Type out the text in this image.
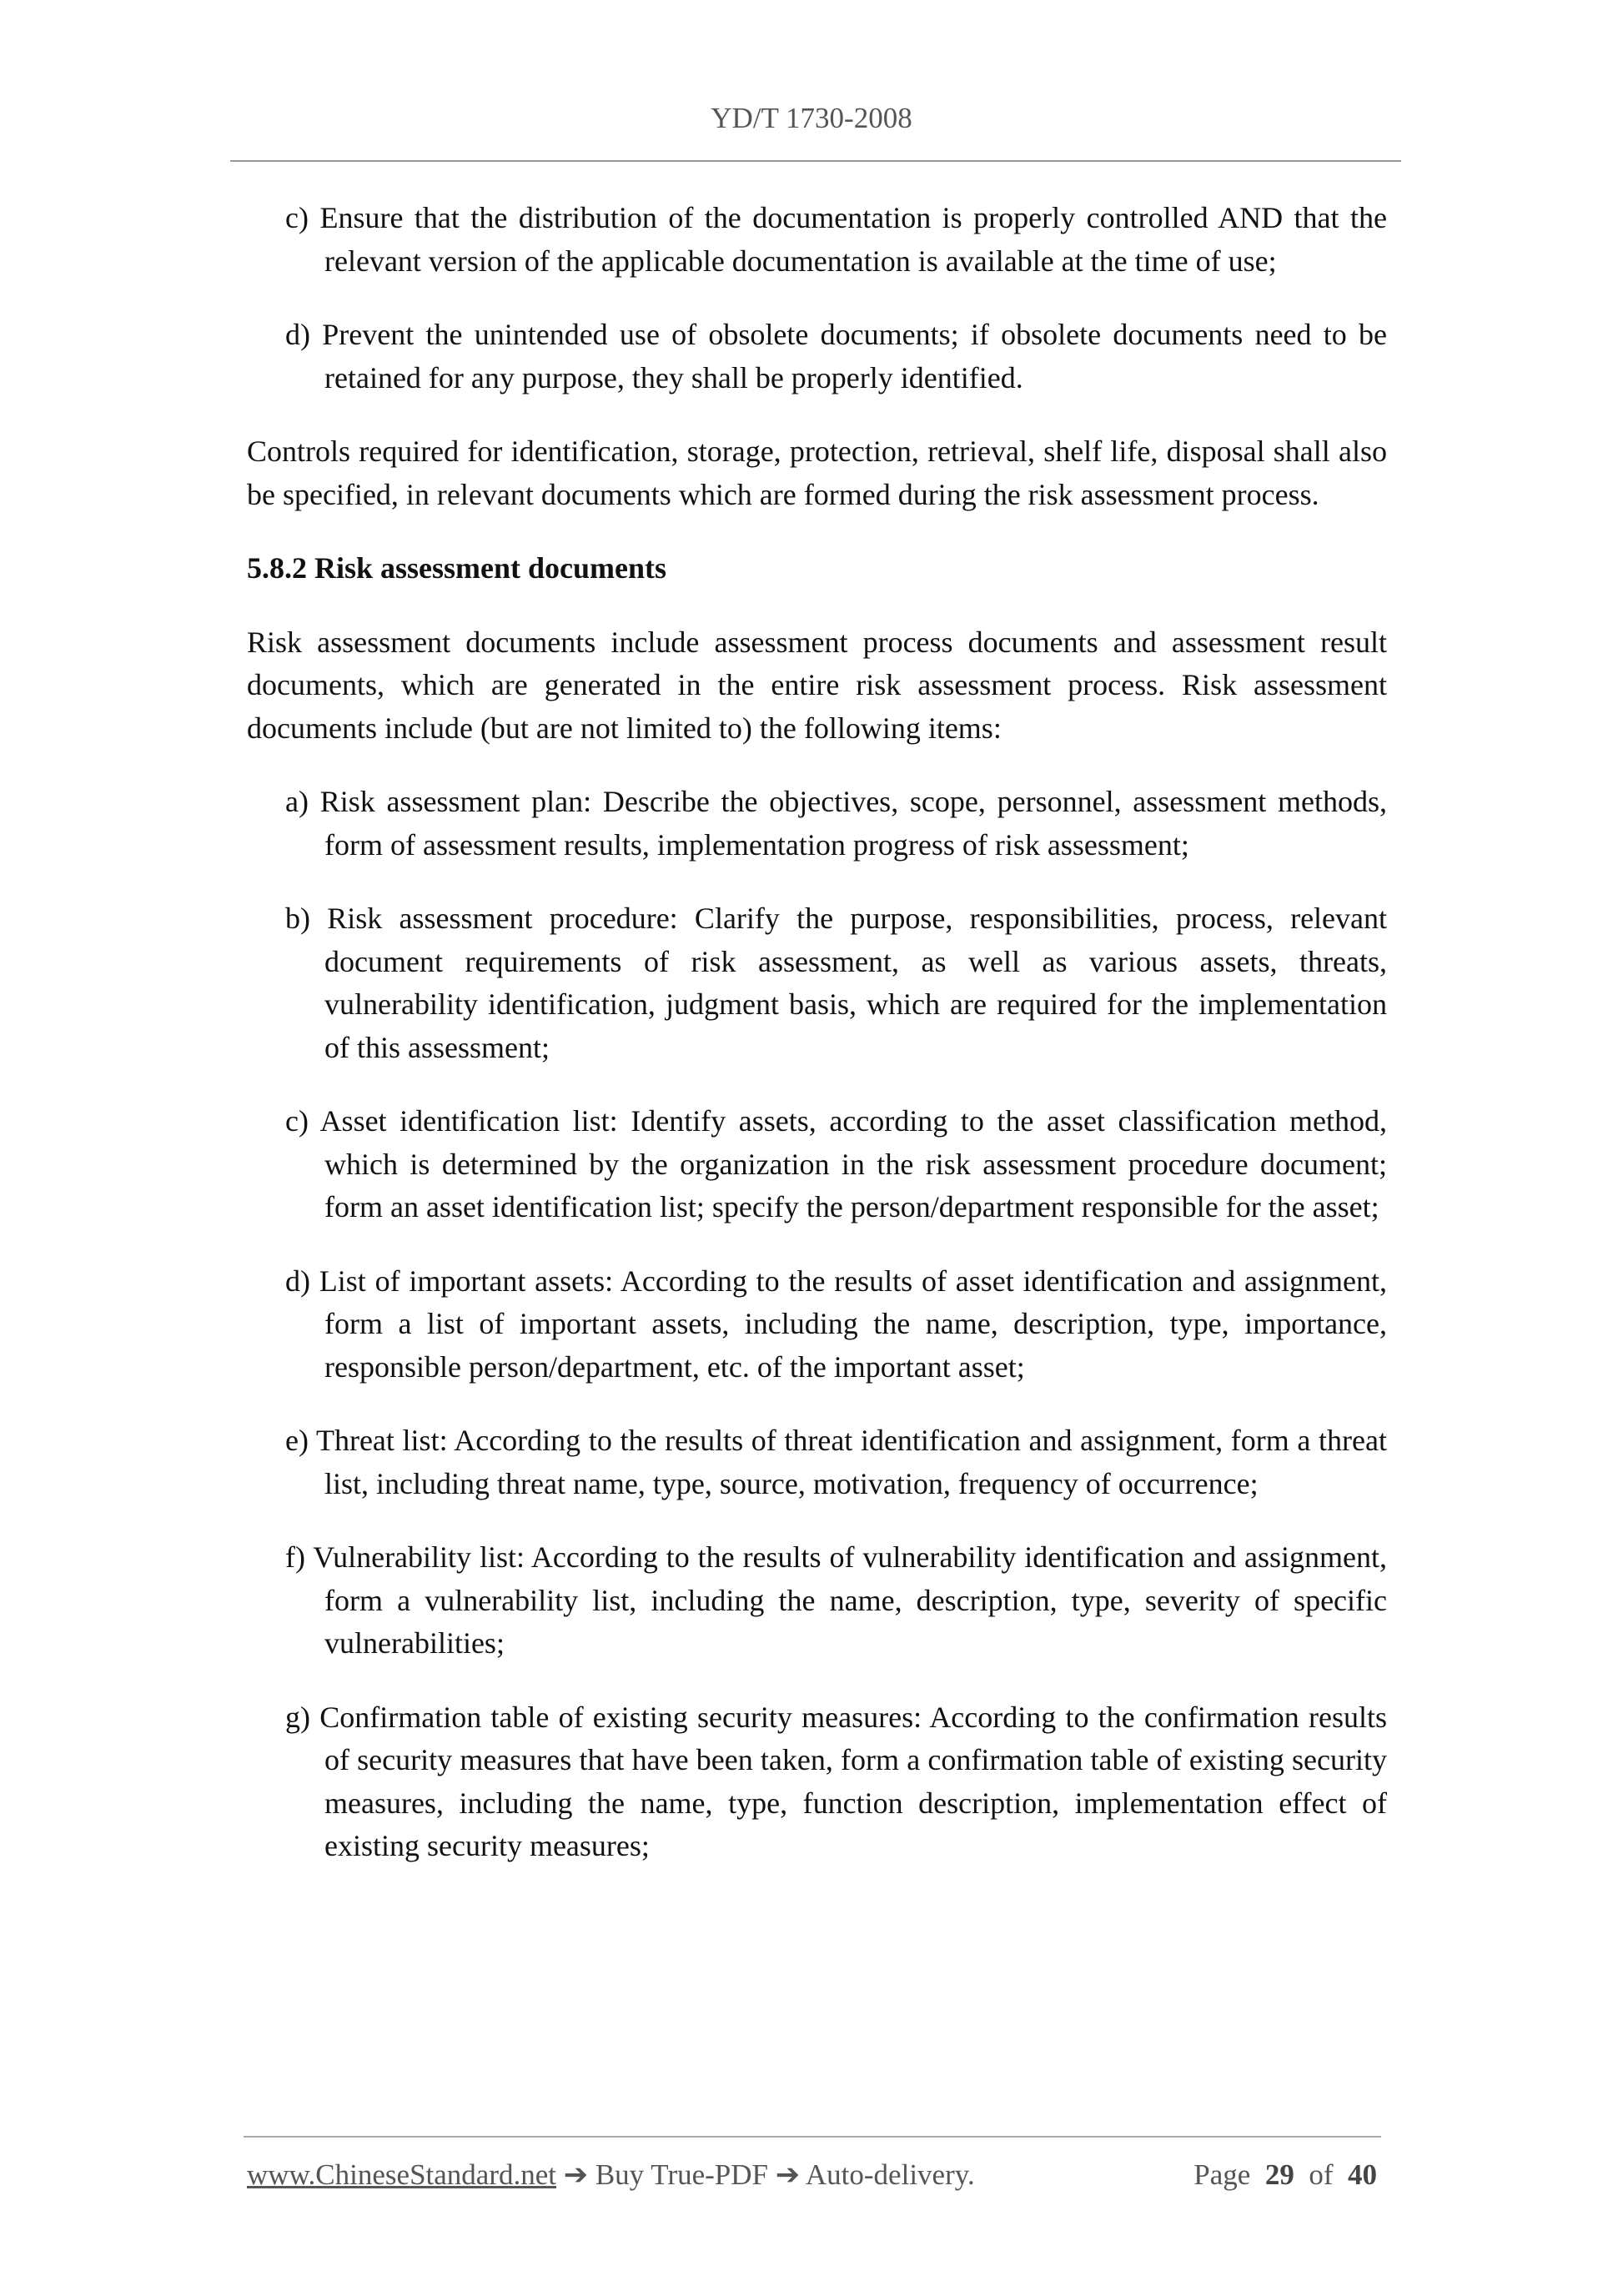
YD/T 1730-2008

c) Ensure that the distribution of the documentation is properly controlled AND that the relevant version of the applicable documentation is available at the time of use;

d) Prevent the unintended use of obsolete documents; if obsolete documents need to be retained for any purpose, they shall be properly identified.

Controls required for identification, storage, protection, retrieval, shelf life, disposal shall also be specified, in relevant documents which are formed during the risk assessment process.

5.8.2 Risk assessment documents

Risk assessment documents include assessment process documents and assessment result documents, which are generated in the entire risk assessment process. Risk assessment documents include (but are not limited to) the following items:

a) Risk assessment plan: Describe the objectives, scope, personnel, assessment methods, form of assessment results, implementation progress of risk assessment;

b) Risk assessment procedure: Clarify the purpose, responsibilities, process, relevant document requirements of risk assessment, as well as various assets, threats, vulnerability identification, judgment basis, which are required for the implementation of this assessment;

c) Asset identification list: Identify assets, according to the asset classification method, which is determined by the organization in the risk assessment procedure document; form an asset identification list; specify the person/department responsible for the asset;

d) List of important assets: According to the results of asset identification and assignment, form a list of important assets, including the name, description, type, importance, responsible person/department, etc. of the important asset;

e) Threat list: According to the results of threat identification and assignment, form a threat list, including threat name, type, source, motivation, frequency of occurrence;

f) Vulnerability list: According to the results of vulnerability identification and assignment, form a vulnerability list, including the name, description, type, severity of specific vulnerabilities;

g) Confirmation table of existing security measures: According to the confirmation results of security measures that have been taken, form a confirmation table of existing security measures, including the name, type, function description, implementation effect of existing security measures;

www.ChineseStandard.net ➔ Buy True-PDF ➔ Auto-delivery.	Page 29 of 40
